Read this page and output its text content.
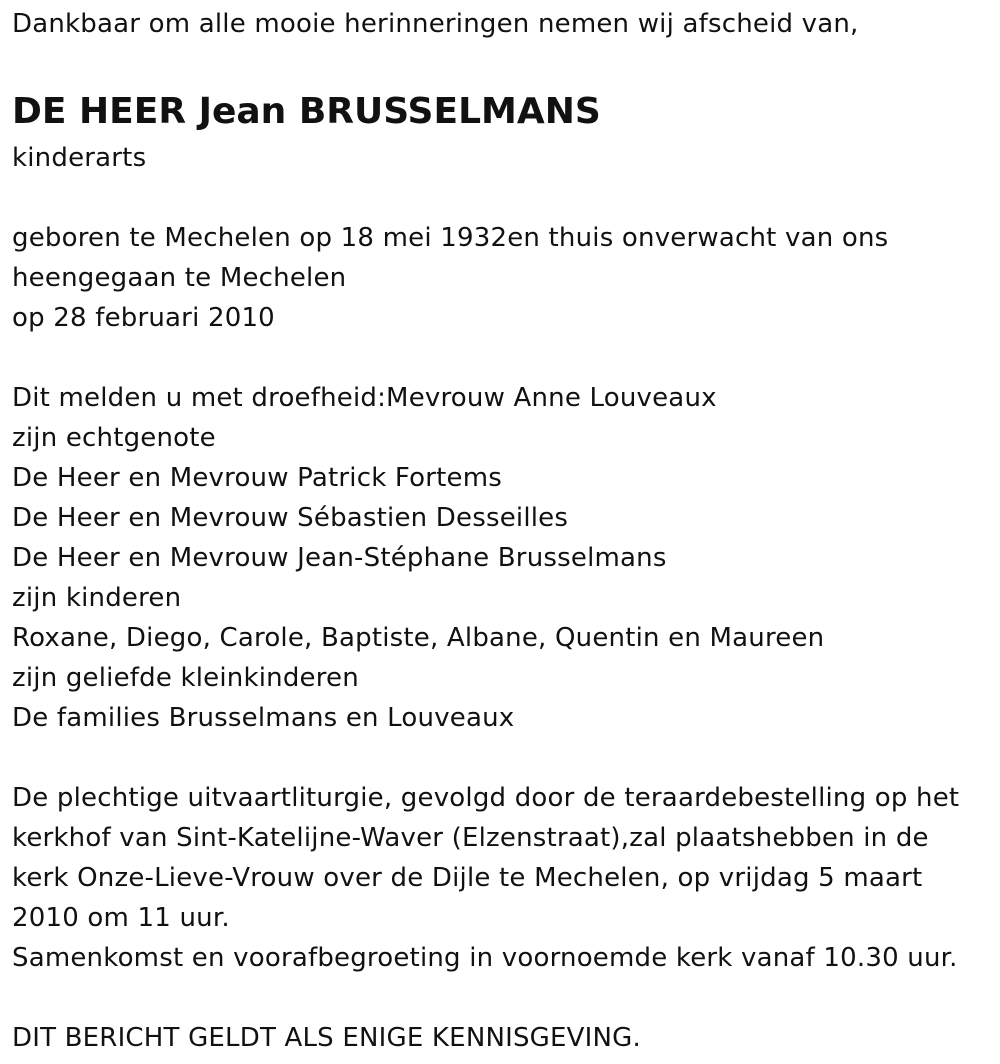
Dankbaar om alle mooie herinneringen nemen wij afscheid van,
DE HEER Jean BRUSSELMANS
kinderarts
geboren te Mechelen op 18 mei 1932en thuis onverwacht van ons
heengegaan te Mechelen
op 28 februari 2010
Dit melden u met droefheid:Mevrouw Anne Louveaux
zijn echtgenote
De Heer en Mevrouw Patrick Fortems
De Heer en Mevrouw Sébastien Desseilles
De Heer en Mevrouw Jean-Stéphane Brusselmans
zijn kinderen
Roxane, Diego, Carole, Baptiste, Albane, Quentin en Maureen
zijn geliefde kleinkinderen
De families Brusselmans en Louveaux
De plechtige uitvaartliturgie, gevolgd door de teraardebestelling op het
kerkhof van Sint-Katelijne-Waver (Elzenstraat),zal plaatshebben in de
kerk Onze-Lieve-Vrouw over de Dijle te Mechelen, op vrijdag 5 maart
2010 om 11 uur.
Samenkomst en voorafbegroeting in voornoemde kerk vanaf 10.30 uur.
DIT BERICHT GELDT ALS ENIGE KENNISGEVING.
